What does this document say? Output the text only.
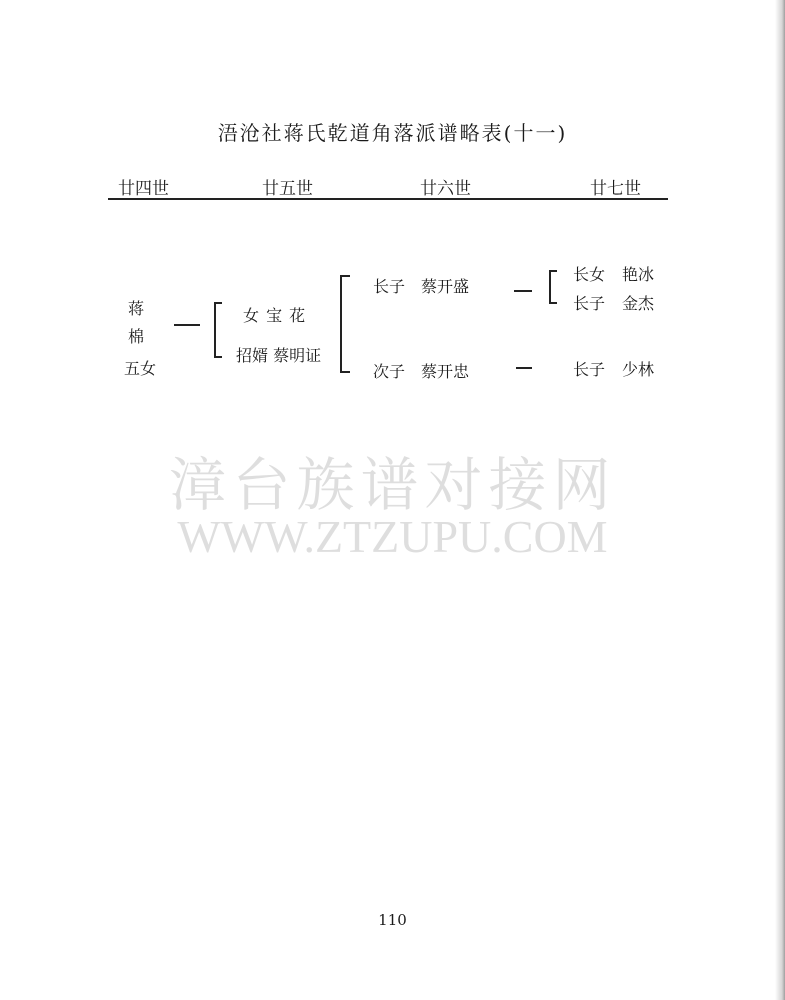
浯沧社蒋氏乾道角落派谱略表(十一)
廿四世	廿五世	廿六世	廿七世
蒋
棉
五女
女 宝 花
招婿 蔡明证
长子 蔡开盛
次子 蔡开忠
长女 艳冰
长子 金杰
长子 少林
漳台族谱对接网
WWW.ZTZUPU.COM
110
